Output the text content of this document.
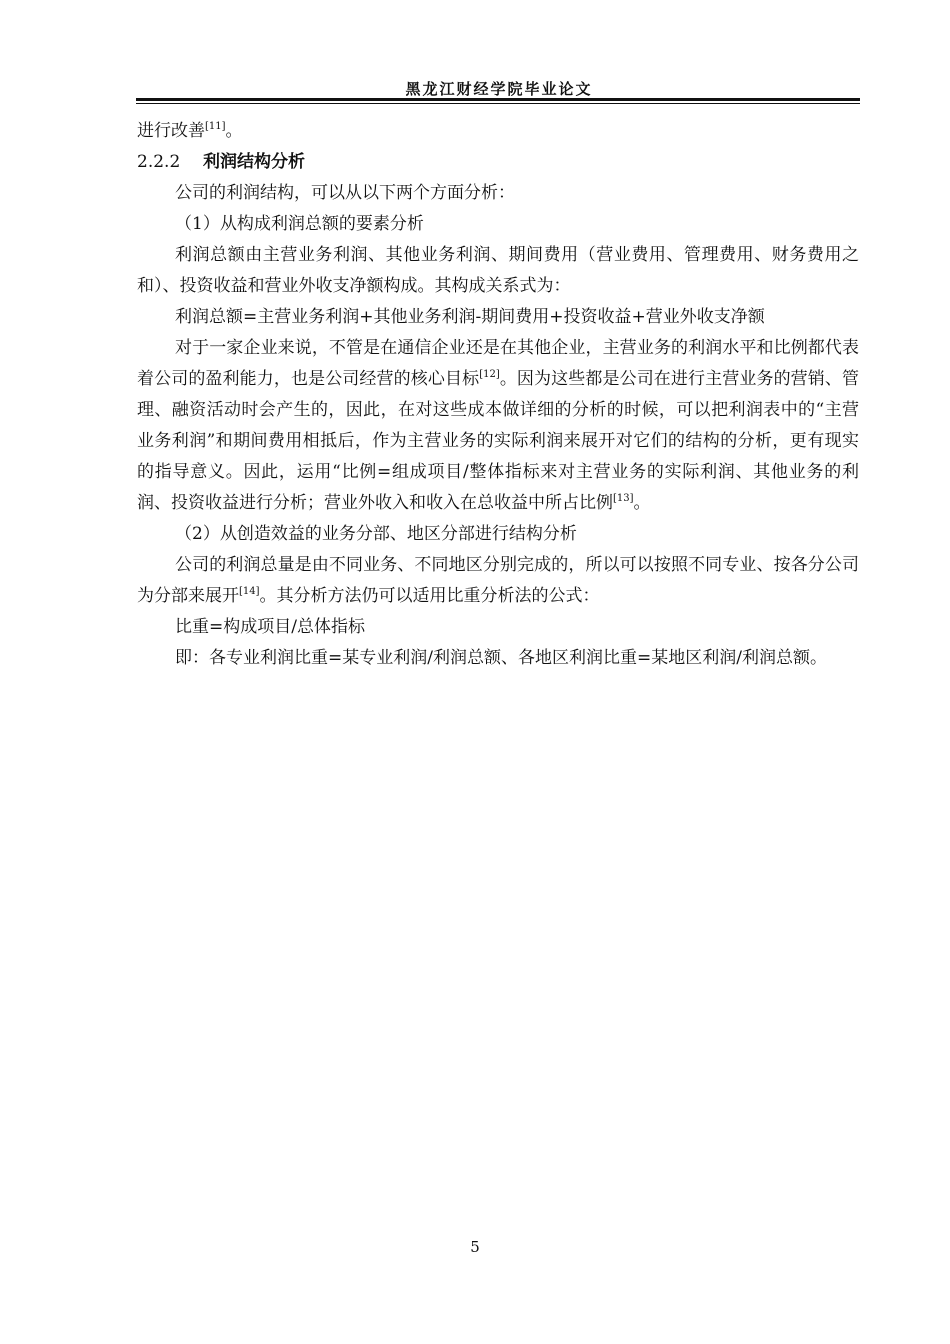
黑龙江财经学院毕业论文

进行改善[11]。

2.2.2 利润结构分析

公司的利润结构，可以从以下两个方面分析：

（1）从构成利润总额的要素分析

利润总额由主营业务利润、其他业务利润、期间费用（营业费用、管理费用、财务费用之和）、投资收益和营业外收支净额构成。其构成关系式为：

利润总额=主营业务利润+其他业务利润-期间费用+投资收益+营业外收支净额

对于一家企业来说，不管是在通信企业还是在其他企业，主营业务的利润水平和比例都代表着公司的盈利能力，也是公司经营的核心目标[12]。因为这些都是公司在进行主营业务的营销、管理、融资活动时会产生的，因此，在对这些成本做详细的分析的时候，可以把利润表中的“主营业务利润”和期间费用相抵后，作为主营业务的实际利润来展开对它们的结构的分析，更有现实的指导意义。因此，运用“比例=组成项目/整体指标来对主营业务的实际利润、其他业务的利润、投资收益进行分析；营业外收入和收入在总收益中所占比例[13]。

（2）从创造效益的业务分部、地区分部进行结构分析

公司的利润总量是由不同业务、不同地区分别完成的，所以可以按照不同专业、按各分公司为分部来展开[14]。其分析方法仍可以适用比重分析法的公式：

比重=构成项目/总体指标

即：各专业利润比重=某专业利润/利润总额、各地区利润比重=某地区利润/利润总额。

5
